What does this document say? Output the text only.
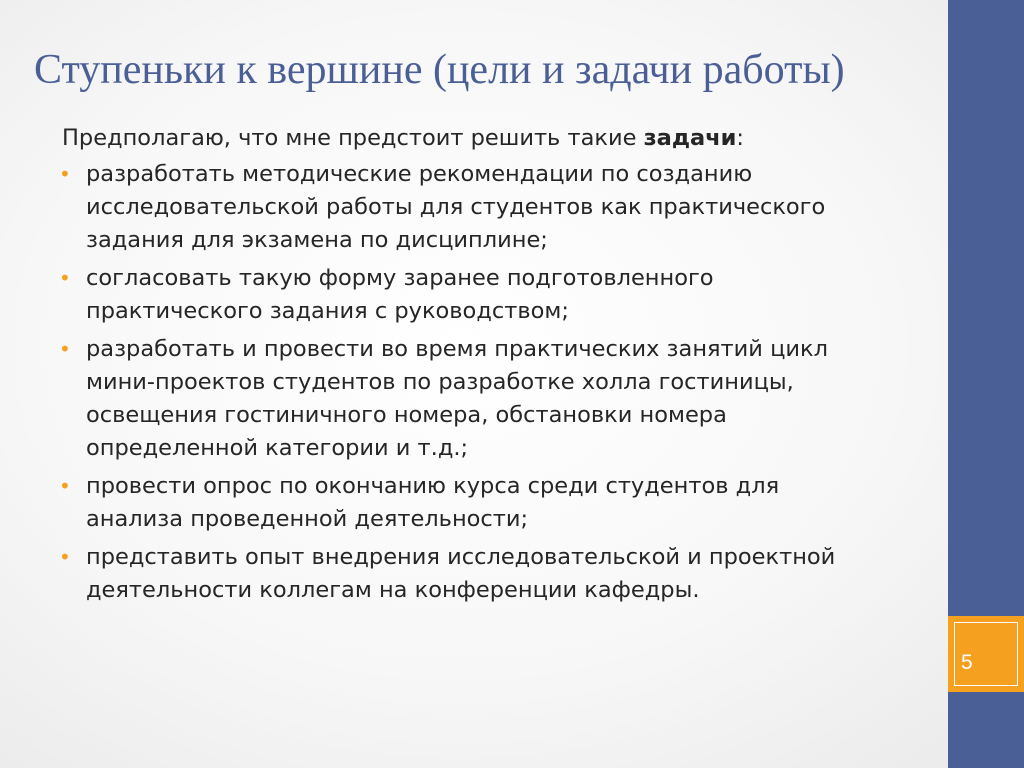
5
Ступеньки к вершине (цели и задачи работы)

Предполагаю, что мне предстоит решить такие задачи:

• разработать методические рекомендации по созданию исследовательской работы для студентов как практического задания для экзамена по дисциплине;
• согласовать такую форму заранее подготовленного практического задания с руководством;
• разработать и провести во время практических занятий цикл мини-проектов студентов по разработке холла гостиницы, освещения гостиничного номера, обстановки номера определенной категории и т.д.;
• провести опрос по окончанию курса среди студентов для анализа проведенной деятельности;
• представить опыт внедрения исследовательской и проектной деятельности коллегам на конференции кафедры.
